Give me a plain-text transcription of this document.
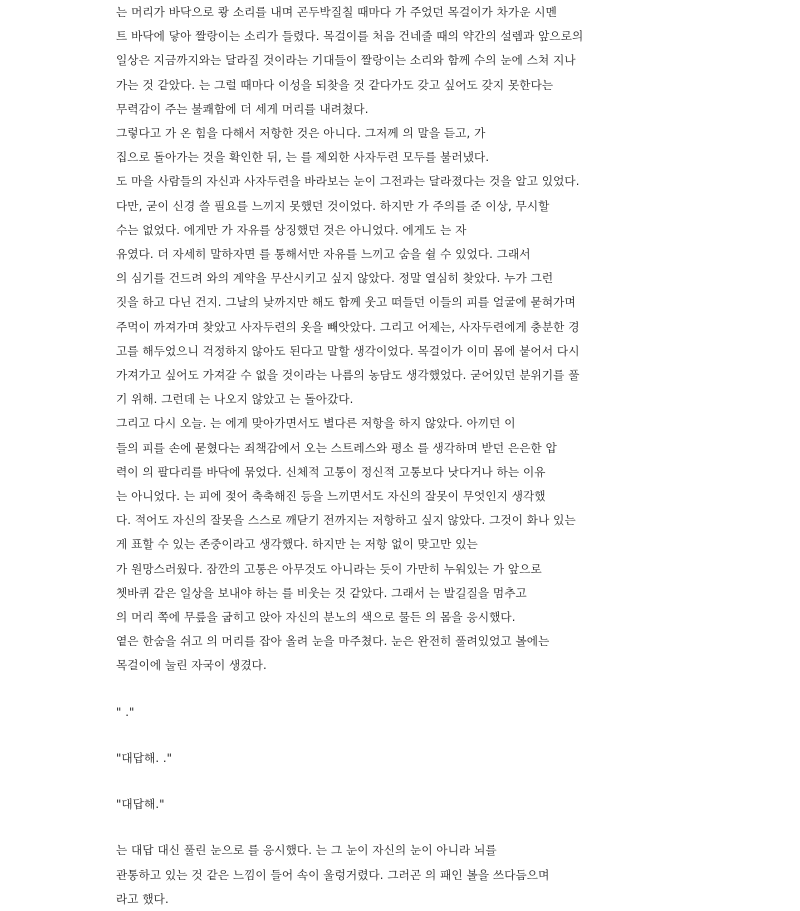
는 머리가 바닥으로 쾅 소리를 내며 곤두박질칠 때마다 가 주었던 목걸이가 차가운 시멘
트 바닥에 닿아 짤랑이는 소리가 들렸다. 목걸이를 처음 건네줄 때의 약간의 설렘과 앞으로의
일상은 지금까지와는 달라질 것이라는 기대들이 짤랑이는 소리와 함께 수의 눈에 스쳐 지나
가는 것 같았다. 는 그럴 때마다 이성을 되찾을 것 같다가도 갖고 싶어도 갖지 못한다는
무력감이 주는 불쾌함에 더 세게 머리를 내려쳤다.
그렇다고 가 온 힘을 다해서 저항한 것은 아니다. 그저께 의 말을 듣고, 가
집으로 돌아가는 것을 확인한 뒤, 는 를 제외한 사자두련 모두를 불러냈다.
도 마을 사람들의 자신과 사자두련을 바라보는 눈이 그전과는 달라졌다는 것을 알고 있었다.
다만, 굳이 신경 쓸 필요를 느끼지 못했던 것이었다. 하지만 가 주의를 준 이상, 무시할
수는 없었다. 에게만 가 자유를 상징했던 것은 아니었다. 에게도 는 자
유였다. 더 자세히 말하자면 를 통해서만 자유를 느끼고 숨을 쉴 수 있었다. 그래서
의 심기를 건드려 와의 계약을 무산시키고 싶지 않았다. 정말 열심히 찾았다. 누가 그런
짓을 하고 다닌 건지. 그날의 낮까지만 해도 함께 웃고 떠들던 이들의 피를 얼굴에 묻혀가며
주먹이 까져가며 찾았고 사자두련의 옷을 빼앗았다. 그리고 어제는, 사자두련에게 충분한 경
고를 해두었으니 걱정하지 않아도 된다고 말할 생각이었다. 목걸이가 이미 몸에 붙어서 다시
가져가고 싶어도 가져갈 수 없을 것이라는 나름의 농담도 생각했었다. 굳어있던 분위기를 풀
기 위해. 그런데 는 나오지 않았고 는 돌아갔다.
그리고 다시 오늘. 는 에게 맞아가면서도 별다른 저항을 하지 않았다. 아끼던 이
들의 피를 손에 묻혔다는 죄책감에서 오는 스트레스와 평소 를 생각하며 받던 은은한 압
력이 의 팔다리를 바닥에 묶었다. 신체적 고통이 정신적 고통보다 낫다거나 하는 이유
는 아니었다. 는 피에 젖어 축축해진 등을 느끼면서도 자신의 잘못이 무엇인지 생각했
다. 적어도 자신의 잘못을 스스로 깨닫기 전까지는 저항하고 싶지 않았다. 그것이 화나 있는
게 표할 수 있는 존중이라고 생각했다. 하지만 는 저항 없이 맞고만 있는
가 원망스러웠다. 잠깐의 고통은 아무것도 아니라는 듯이 가만히 누워있는 가 앞으로
쳇바퀴 같은 일상을 보내야 하는 를 비웃는 것 같았다. 그래서 는 발길질을 멈추고
의 머리 쪽에 무릎을 굽히고 앉아 자신의 분노의 색으로 물든 의 몸을 응시했다.
옅은 한숨을 쉬고 의 머리를 잡아 올려 눈을 마주쳤다. 눈은 완전히 풀려있었고 볼에는
목걸이에 눌린 자국이 생겼다.
" ."
"대답해. ."
"대답해."
는 대답 대신 풀린 눈으로 를 응시했다. 는 그 눈이 자신의 눈이 아니라 뇌를
관통하고 있는 것 같은 느낌이 들어 속이 울렁거렸다. 그러곤 의 패인 볼을 쓰다듬으며
라고 했다.
